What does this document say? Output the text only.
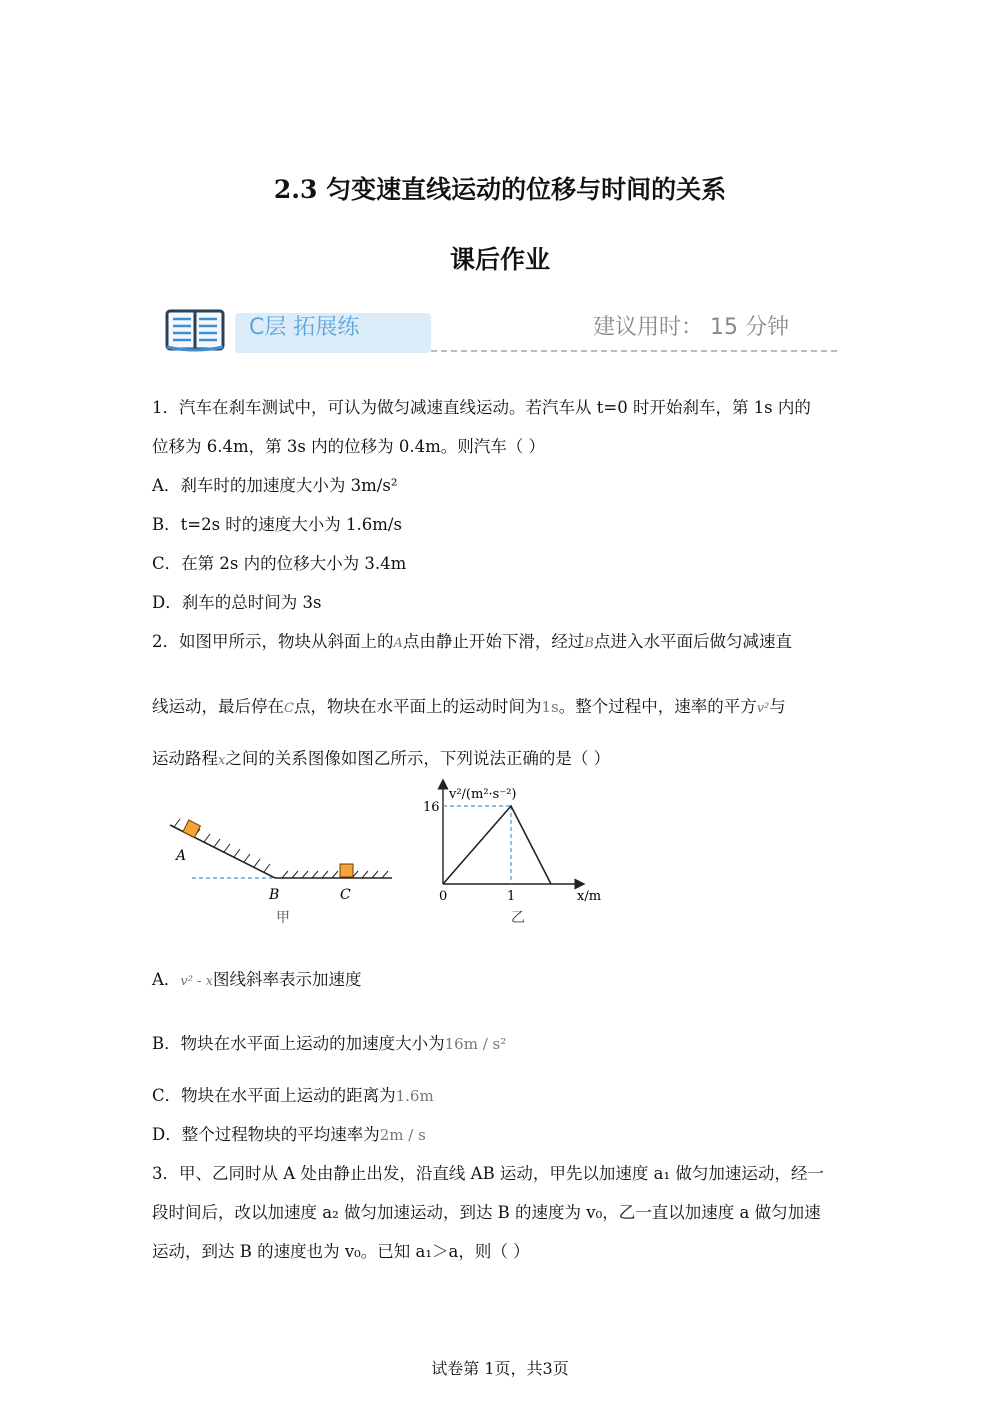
2.3 匀变速直线运动的位移与时间的关系
课后作业
C层 拓展练	建议用时： 15 分钟
1．汽车在刹车测试中，可认为做匀减速直线运动。若汽车从 t=0 时开始刹车，第 1s 内的
位移为 6.4m，第 3s 内的位移为 0.4m。则汽车（ ）
A．刹车时的加速度大小为 3m/s²
B．t=2s 时的速度大小为 1.6m/s
C．在第 2s 内的位移大小为 3.4m
D．刹车的总时间为 3s
2．如图甲所示，物块从斜面上的A点由静止开始下滑，经过B点进入水平面后做匀减速直
线运动，最后停在C点，物块在水平面上的运动时间为1s。整个过程中，速率的平方v²与
运动路程x之间的关系图像如图乙所示，下列说法正确的是（ ）
A
B	C
甲
v²/(m²·s⁻²)
16
0	1	x/m
乙
A．v² - x图线斜率表示加速度
B．物块在水平面上运动的加速度大小为16m / s²
C．物块在水平面上运动的距离为1.6m
D．整个过程物块的平均速率为2m / s
3．甲、乙同时从 A 处由静止出发，沿直线 AB 运动，甲先以加速度 a₁ 做匀加速运动，经一
段时间后，改以加速度 a₂ 做匀加速运动，到达 B 的速度为 v₀，乙一直以加速度 a 做匀加速
运动，到达 B 的速度也为 v₀。已知 a₁＞a，则（ ）
试卷第 1页，共3页
